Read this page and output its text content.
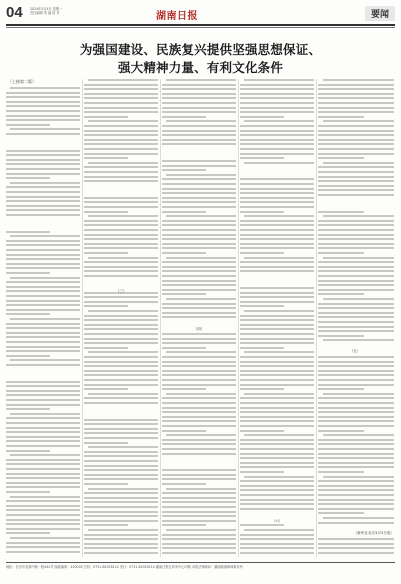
04 2024年3月4日 星期一
责任编辑 美 编 校 对	湖南日报	要闻
为强国建设、民族复兴提供坚强思想保证、
强大精神力量、有利文化条件
（上接第二版）
（三）
（四）
（五）
（六）
（新华社北京3月3日电）
地址：长沙市芙蓉中路一段442号 邮政编码：410005 总机：0731-84326114 发行：0731-84329114 湖南日报社印务中心印刷 本报法律顾问：湖南湘瑞律师事务所
